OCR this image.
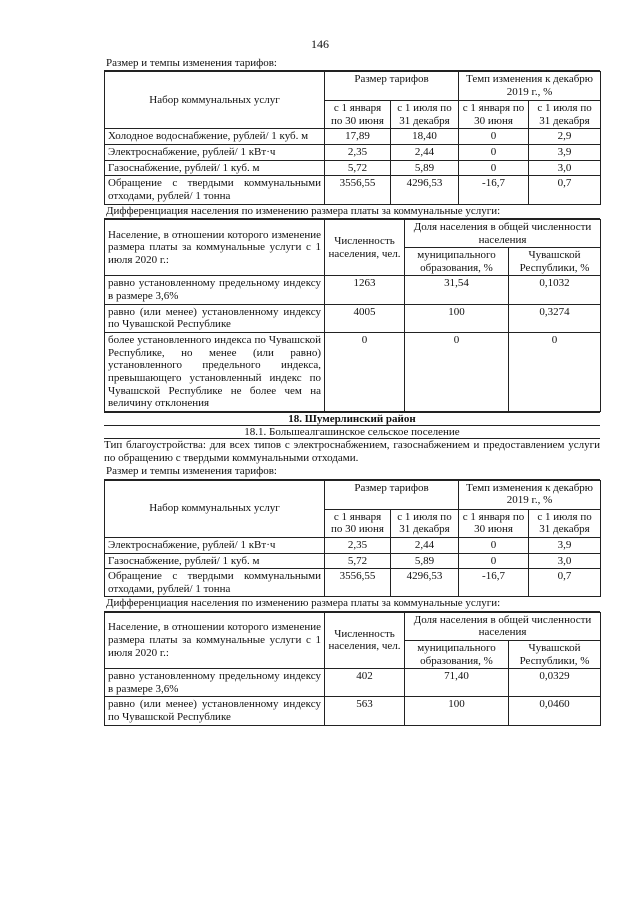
146
Размер и темпы изменения тарифов:
Набор коммунальных услуг	Размер тарифов		Темп изменения к декабрю 2019 г., %	
	с 1 января по 30 июня	с 1 июля по 31 декабря	с 1 января по 30 июня	с 1 июля по 31 декабря
Холодное водоснабжение, рублей/ 1 куб. м	17,89	18,40	0	2,9
Электроснабжение, рублей/ 1 кВт·ч	2,35	2,44	0	3,9
Газоснабжение, рублей/ 1 куб. м	5,72	5,89	0	3,0
Обращение с твердыми коммунальными отходами, рублей/ 1 тонна	3556,55	4296,53	-16,7	0,7
Дифференциация населения по изменению размера платы за коммунальные услуги:
Население, в отношении которого изменение размера платы за коммунальные услуги с 1 июля 2020 г.:	Численность населения, чел.	Доля населения в общей численности населения	
		муниципального образования, %	Чувашской Республики, %
равно установленному предельному индексу в размере 3,6%	1263	31,54	0,1032
равно (или менее) установленному индексу по Чувашской Республике	4005	100	0,3274
более установленного индекса по Чувашской Республике, но менее (или равно) установленного предельного индекса, превышающего установленный индекс по Чувашской Республике не более чем на величину отклонения	0	0	0
18. Шумерлинский район
18.1. Большеалгашинское сельское поселение
Тип благоустройства: для всех типов с электроснабжением, газоснабжением и предоставлением услуги по обращению с твердыми коммунальными отходами.
Размер и темпы изменения тарифов:
Набор коммунальных услуг	Размер тарифов		Темп изменения к декабрю 2019 г., %	
	с 1 января по 30 июня	с 1 июля по 31 декабря	с 1 января по 30 июня	с 1 июля по 31 декабря
Электроснабжение, рублей/ 1 кВт·ч	2,35	2,44	0	3,9
Газоснабжение, рублей/ 1 куб. м	5,72	5,89	0	3,0
Обращение с твердыми коммунальными отходами, рублей/ 1 тонна	3556,55	4296,53	-16,7	0,7
Дифференциация населения по изменению размера платы за коммунальные услуги:
Население, в отношении которого изменение размера платы за коммунальные услуги с 1 июля 2020 г.:	Численность населения, чел.	Доля населения в общей численности населения	
		муниципального образования, %	Чувашской Республики, %
равно установленному предельному индексу в размере 3,6%	402	71,40	0,0329
равно (или менее) установленному индексу по Чувашской Республике	563	100	0,0460
